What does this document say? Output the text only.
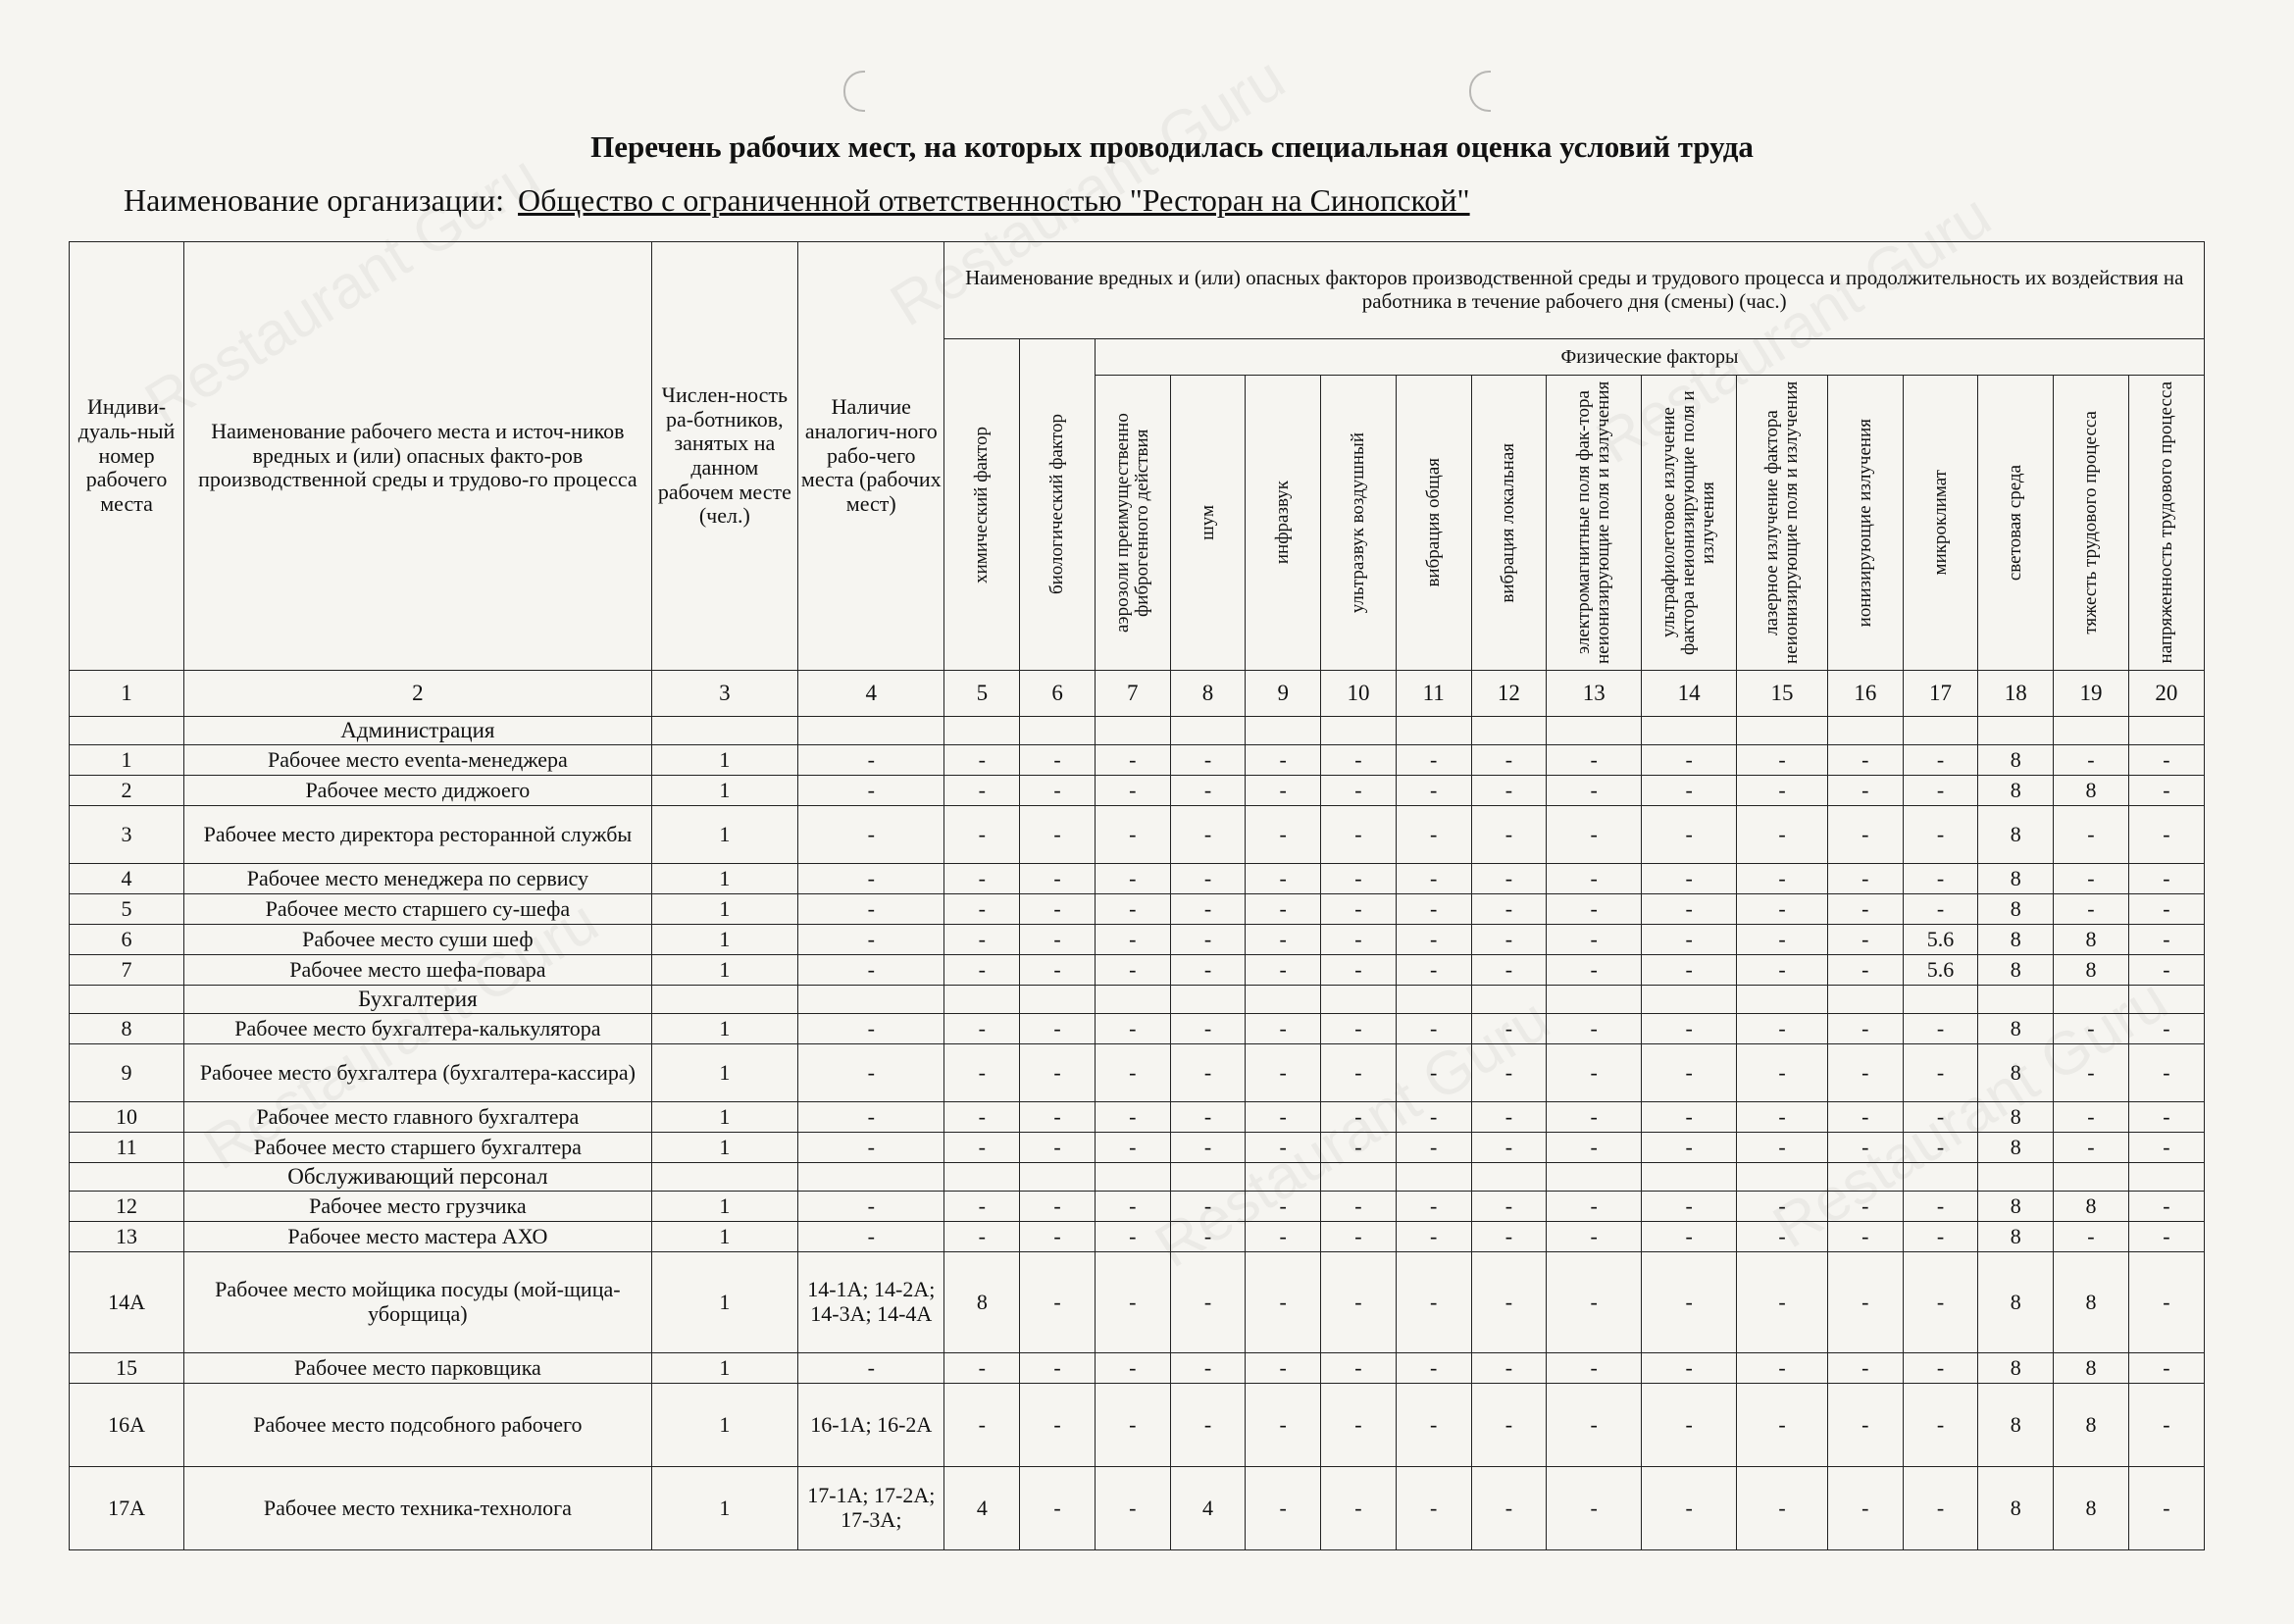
Перечень рабочих мест, на которых проводилась специальная оценка условий труда
Наименование организации: Общество с ограниченной ответственностью "Ресторан на Синопской"
Индиви-дуаль-ный номер рабочего места	Наименование рабочего места и источ-ников вредных и (или) опасных факто-ров производственной среды и трудово-го процесса	Числен-ность ра-ботников, занятых на данном рабочем месте (чел.)	Наличие аналогич-ного рабо-чего места (рабочих мест)	Наименование вредных и (или) опасных факторов производственной среды и трудового процесса и продолжительность их воздействия на работника в течение рабочего дня (смены) (час.)															

				химический фактор	биологический фактор	Физические факторы													

						аэрозоли преимущественно фиброгенного действия	шум	инфразвук	ультразвук воздушный	вибрация общая	вибрация локальная	электромагнитные поля фак-тора неионизирующие поля и излучения	ультрафиолетовое излучение фактора неионизирующие поля и излучения	лазерное излучение фактора неионизирующие поля и излучения	ионизирующие излучения	микроклимат	световая среда	тяжесть трудового процесса	напряженность трудового процесса

1	2	3	4	5	6	7	8	9	10	11	12	13	14	15	16	17	18	19	20
	Администрация																		
1	Рабочее место eventa-менеджера	1	-	-	-	-	-	-	-	-	-	-	-	-	-	-	8	-	-
2	Рабочее место диджоего	1	-	-	-	-	-	-	-	-	-	-	-	-	-	-	8	8	-
3	Рабочее место директора ресторанной службы	1	-	-	-	-	-	-	-	-	-	-	-	-	-	-	8	-	-
4	Рабочее место менеджера по сервису	1	-	-	-	-	-	-	-	-	-	-	-	-	-	-	8	-	-
5	Рабочее место старшего су-шефа	1	-	-	-	-	-	-	-	-	-	-	-	-	-	-	8	-	-
6	Рабочее место суши шеф	1	-	-	-	-	-	-	-	-	-	-	-	-	-	5.6	8	8	-
7	Рабочее место шефа-повара	1	-	-	-	-	-	-	-	-	-	-	-	-	-	5.6	8	8	-
	Бухгалтерия																		
8	Рабочее место бухгалтера-калькулятора	1	-	-	-	-	-	-	-	-	-	-	-	-	-	-	8	-	-
9	Рабочее место бухгалтера (бухгалтера-кассира)	1	-	-	-	-	-	-	-	-	-	-	-	-	-	-	8	-	-
10	Рабочее место главного бухгалтера	1	-	-	-	-	-	-	-	-	-	-	-	-	-	-	8	-	-
11	Рабочее место старшего бухгалтера	1	-	-	-	-	-	-	-	-	-	-	-	-	-	-	8	-	-
	Обслуживающий персонал																		
12	Рабочее место грузчика	1	-	-	-	-	-	-	-	-	-	-	-	-	-	-	8	8	-
13	Рабочее место мастера АХО	1	-	-	-	-	-	-	-	-	-	-	-	-	-	-	8	-	-
14А	Рабочее место мойщика посуды (мой-щица-уборщица)	1	14-1А; 14-2А; 14-3А; 14-4А	8	-	-	-	-	-	-	-	-	-	-	-	-	8	8	-
15	Рабочее место парковщика	1	-	-	-	-	-	-	-	-	-	-	-	-	-	-	8	8	-
16А	Рабочее место подсобного рабочего	1	16-1А; 16-2А	-	-	-	-	-	-	-	-	-	-	-	-	-	8	8	-
17А	Рабочее место техника-технолога	1	17-1А; 17-2А; 17-3А;	4	-	-	4	-	-	-	-	-	-	-	-	-	8	8	-
